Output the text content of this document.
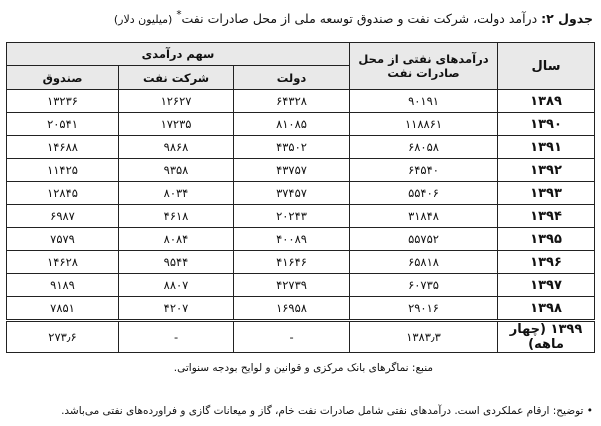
جدول ۲: درآمد دولت، شرکت نفت و صندوق توسعه ملی از محل صادرات نفت* (میلیون دلار)
سال	درآمدهای نفتی از محل صادرات نفت	سهم درآمدی		
		دولت	شرکت نفت	صندوق
۱۳۸۹	۹۰۱۹۱	۶۴۳۲۸	۱۲۶۲۷	۱۳۲۳۶
۱۳۹۰	۱۱۸۸۶۱	۸۱۰۸۵	۱۷۲۳۵	۲۰۵۴۱
۱۳۹۱	۶۸۰۵۸	۴۳۵۰۲	۹۸۶۸	۱۴۶۸۸
۱۳۹۲	۶۴۵۴۰	۴۳۷۵۷	۹۳۵۸	۱۱۴۲۵
۱۳۹۳	۵۵۴۰۶	۳۷۴۵۷	۸۰۳۴	۱۲۸۴۵
۱۳۹۴	۳۱۸۴۸	۲۰۲۴۳	۴۶۱۸	۶۹۸۷
۱۳۹۵	۵۵۷۵۲	۴۰۰۸۹	۸۰۸۴	۷۵۷۹
۱۳۹۶	۶۵۸۱۸	۴۱۶۴۶	۹۵۴۴	۱۴۶۲۸
۱۳۹۷	۶۰۷۳۵	۴۲۷۳۹	۸۸۰۷	۹۱۸۹
۱۳۹۸	۲۹۰۱۶	۱۶۹۵۸	۴۲۰۷	۷۸۵۱
۱۳۹۹ (چهار ماهه)	۱۳۸۳٫۳	-	-	۲۷۳٫۶
منبع: نماگرهای بانک مرکزی و قوانین و لوایح بودجه سنواتی.
• توضیح: ارقام عملکردی است. درآمدهای نفتی شامل صادرات نفت خام، گاز و میعانات گازی و فراورده‌های نفتی می‌باشد.
